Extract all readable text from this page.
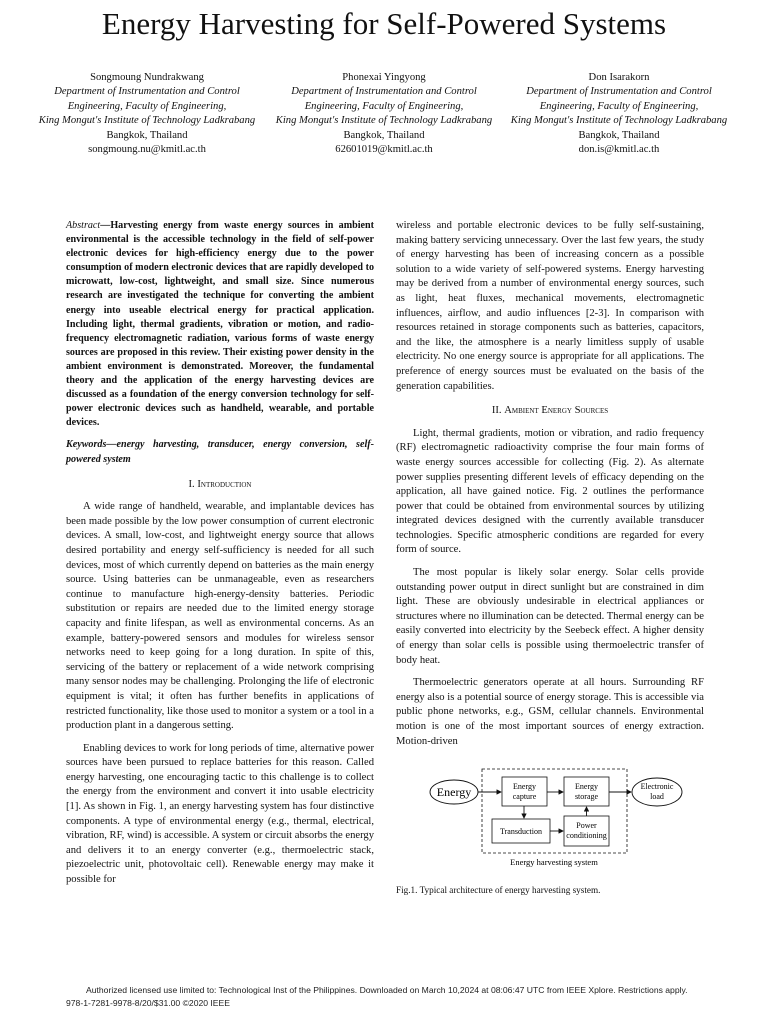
Energy Harvesting for Self-Powered Systems
Songmoung Nundrakwang
Department of Instrumentation and Control Engineering, Faculty of Engineering,
King Mongut's Institute of Technology Ladkrabang
Bangkok, Thailand
songmoung.nu@kmitl.ac.th
Phonexai Yingyong
Department of Instrumentation and Control Engineering, Faculty of Engineering,
King Mongut's Institute of Technology Ladkrabang
Bangkok, Thailand
62601019@kmitl.ac.th
Don Isarakorn
Department of Instrumentation and Control Engineering, Faculty of Engineering,
King Mongut's Institute of Technology Ladkrabang
Bangkok, Thailand
don.is@kmitl.ac.th

Abstract—Harvesting energy from waste energy sources in ambient environmental is the accessible technology in the field of self-power electronic devices for high-efficiency energy due to the power consumption of modern electronic devices that are rapidly developed to microwatt, low-cost, lightweight, and small size. Since numerous research are investigated the technique for converting the ambient energy into useable electrical energy for practical application. Including light, thermal gradients, vibration or motion, and radio-frequency electromagnetic radiation, various forms of waste energy sources are proposed in this review. Their existing power density in the ambient environment is demonstrated. Moreover, the fundamental theory and the application of the energy harvesting devices are discussed as a foundation of the energy conversion technology for self-power electronic devices such as handheld, wearable, and portable devices.

Keywords—energy harvesting, transducer, energy conversion, self-powered system

I. Introduction

A wide range of handheld, wearable, and implantable devices has been made possible by the low power consumption of current electronic devices. A small, low-cost, and lightweight energy source that allows desired portability and energy self-sufficiency is needed for all such devices, most of which currently depend on batteries as the main energy source. Using batteries can be unmanageable, even as researchers continue to manufacture high-energy-density batteries. Periodic substitution or repairs are needed due to the limited energy storage capacity and finite lifespan, as well as environmental concerns. As an example, battery-powered sensors and modules for wireless sensor networks need to keep going for a long duration. In spite of this, servicing of the battery or replacement of a wide network comprising many sensor nodes may be challenging. Prolonging the life of electronic equipment is vital; it often has further benefits in applications of restricted functionality, like those used to monitor a system or a tool in a production plant in a dangerous setting.

Enabling devices to work for long periods of time, alternative power sources have been pursued to replace batteries for this reason. Called energy harvesting, one encouraging tactic to this challenge is to collect the energy from the environment and convert it into usable electricity [1]. As shown in Fig. 1, an energy harvesting system has four distinctive components. A type of environmental energy (e.g., thermal, electrical, vibration, RF, wind) is accessible. A system or circuit absorbs the energy and delivers it to an energy converter (e.g., thermoelectric stack, piezoelectric unit, photovoltaic cell). Renewable energy may make it possible for

wireless and portable electronic devices to be fully self-sustaining, making battery servicing unnecessary. Over the last few years, the study of energy harvesting has been of increasing concern as a possible solution to a wide variety of self-powered systems. Energy harvesting may be derived from a number of environmental energy sources, such as light, heat fluxes, mechanical movements, electromagnetic influences, airflow, and audio influences [2-3]. In comparison with resources retained in storage components such as batteries, capacitors, and the like, the atmosphere is a nearly limitless supply of usable electricity. No one energy source is appropriate for all applications. The preference of energy sources must be evaluated on the basis of the generation capabilities.

II. Ambient Energy Sources

Light, thermal gradients, motion or vibration, and radio frequency (RF) electromagnetic radioactivity comprise the four main forms of waste energy sources accessible for collecting (Fig. 2). As alternate power supplies presenting different levels of efficacy depending on the application, all have gained notice. Fig. 2 outlines the performance power that could be obtained from environmental sources by utilizing integrated devices designed with the currently available transducer technologies. Specific atmospheric conditions are regarded for every form of source.

The most popular is likely solar energy. Solar cells provide outstanding power output in direct sunlight but are constrained in dim light. These are obviously undesirable in electrical appliances or structures where no illumination can be detected. Thermal energy can be easily converted into electricity by the Seebeck effect. A higher density of energy than solar cells is possible using thermoelectric transfer of body heat.

Thermoelectric generators operate at all hours. Surrounding RF energy also is a potential source of energy storage. This is accessible via public phone networks, e.g., GSM, cellular channels. Environmental motion is one of the most important sources of energy extraction. Motion-driven

Energy	Energy
capture
Energy
storage
Electronic
load
Transduction
Power
conditioning
Energy harvesting system

Fig.1. Typical architecture of energy harvesting system.

Authorized licensed use limited to: Technological Inst of the Philippines. Downloaded on March 10,2024 at 08:06:47 UTC from IEEE Xplore. Restrictions apply.
978-1-7281-9978-8/20/$31.00 ©2020 IEEE
